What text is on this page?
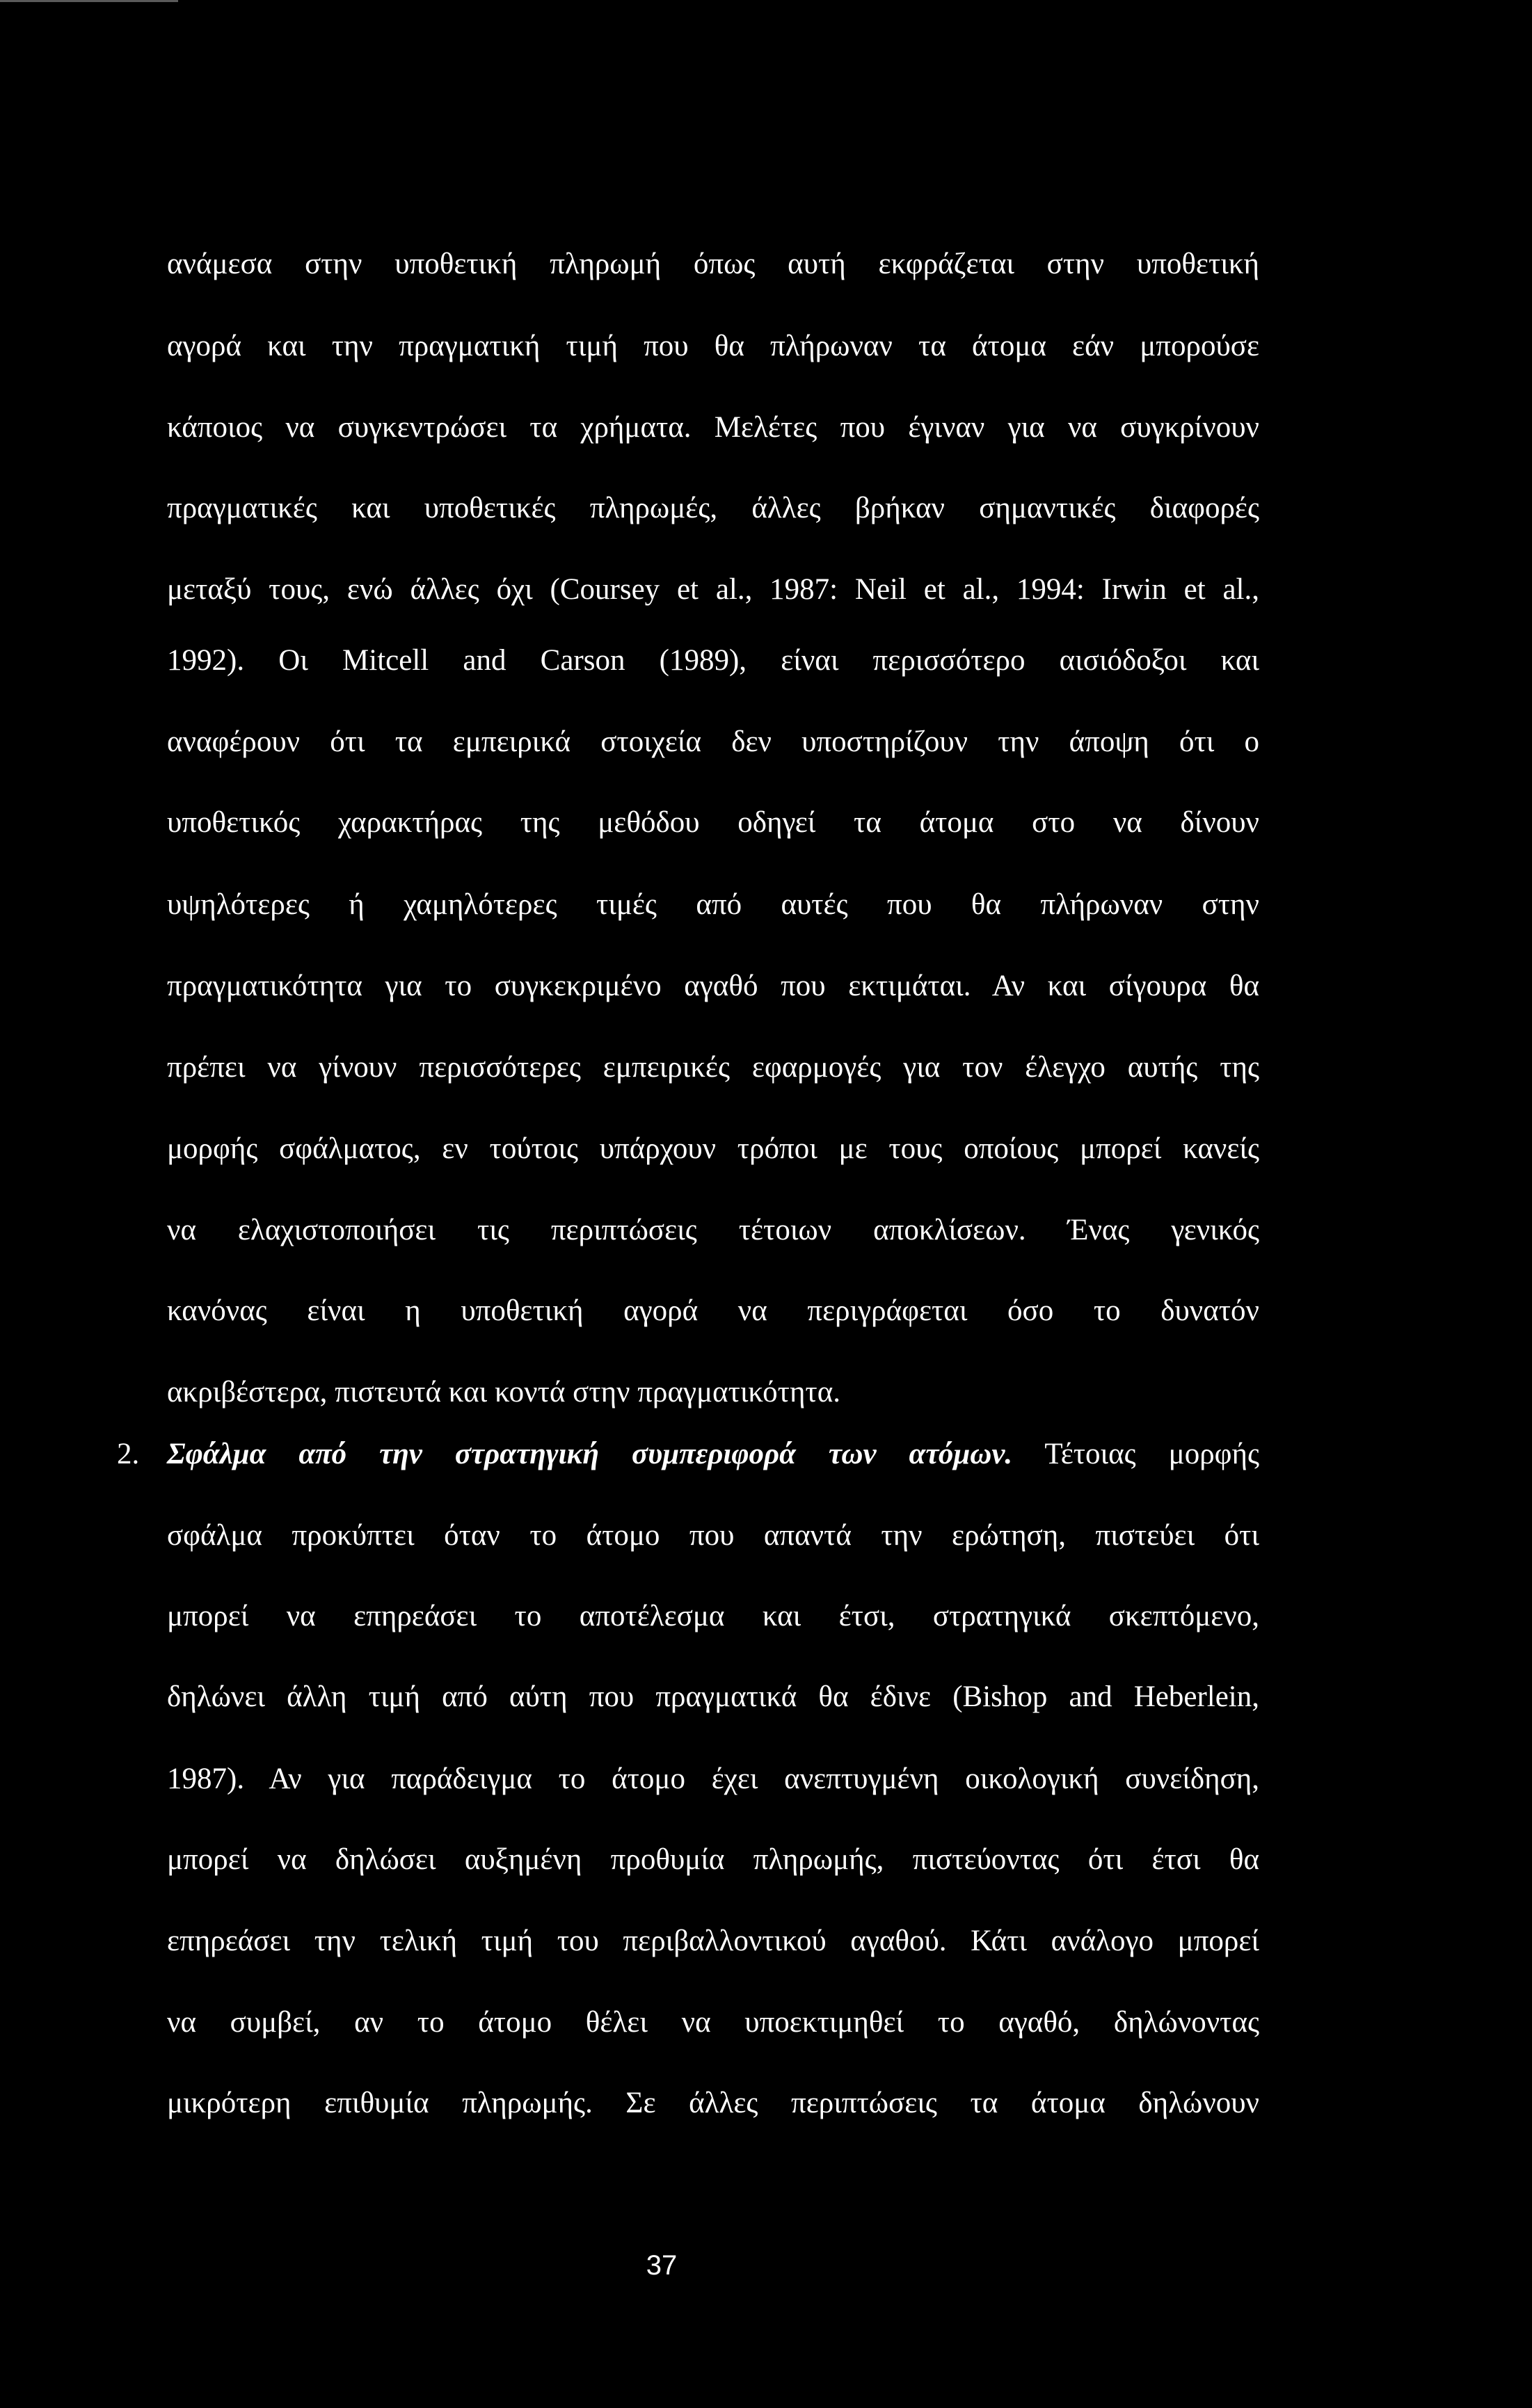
ανάμεσα στην υποθετική πληρωμή όπως αυτή εκφράζεται στην υποθετική
αγορά και την πραγματική τιμή που θα πλήρωναν τα άτομα εάν μπορούσε
κάποιος να συγκεντρώσει τα χρήματα. Μελέτες που έγιναν για να συγκρίνουν
πραγματικές και υποθετικές πληρωμές, άλλες βρήκαν σημαντικές διαφορές
μεταξύ τους, ενώ άλλες όχι (Coursey et al., 1987: Neil et al., 1994: Irwin et al.,
1992). Οι Mitcell and Carson (1989), είναι περισσότερο αισιόδοξοι και
αναφέρουν ότι τα εμπειρικά στοιχεία δεν υποστηρίζουν την άποψη ότι ο
υποθετικός χαρακτήρας της μεθόδου οδηγεί τα άτομα στο να δίνουν
υψηλότερες ή χαμηλότερες τιμές από αυτές που θα πλήρωναν στην
πραγματικότητα για το συγκεκριμένο αγαθό που εκτιμάται. Αν και σίγουρα θα
πρέπει να γίνουν περισσότερες εμπειρικές εφαρμογές για τον έλεγχο αυτής της
μορφής σφάλματος, εν τούτοις υπάρχουν τρόποι με τους οποίους μπορεί κανείς
να ελαχιστοποιήσει τις περιπτώσεις τέτοιων αποκλίσεων. Ένας γενικός
κανόνας είναι η υποθετική αγορά να περιγράφεται όσο το δυνατόν
ακριβέστερα, πιστευτά και κοντά στην πραγματικότητα.
2. Σφάλμα από την στρατηγική συμπεριφορά των ατόμων. Τέτοιας μορφής
σφάλμα προκύπτει όταν το άτομο που απαντά την ερώτηση, πιστεύει ότι
μπορεί να επηρεάσει το αποτέλεσμα και έτσι, στρατηγικά σκεπτόμενο,
δηλώνει άλλη τιμή από αύτη που πραγματικά θα έδινε (Bishop and Heberlein,
1987). Αν για παράδειγμα το άτομο έχει ανεπτυγμένη οικολογική συνείδηση,
μπορεί να δηλώσει αυξημένη προθυμία πληρωμής, πιστεύοντας ότι έτσι θα
επηρεάσει την τελική τιμή του περιβαλλοντικού αγαθού. Κάτι ανάλογο μπορεί
να συμβεί, αν το άτομο θέλει να υποεκτιμηθεί το αγαθό, δηλώνοντας
μικρότερη επιθυμία πληρωμής. Σε άλλες περιπτώσεις τα άτομα δηλώνουν
37
